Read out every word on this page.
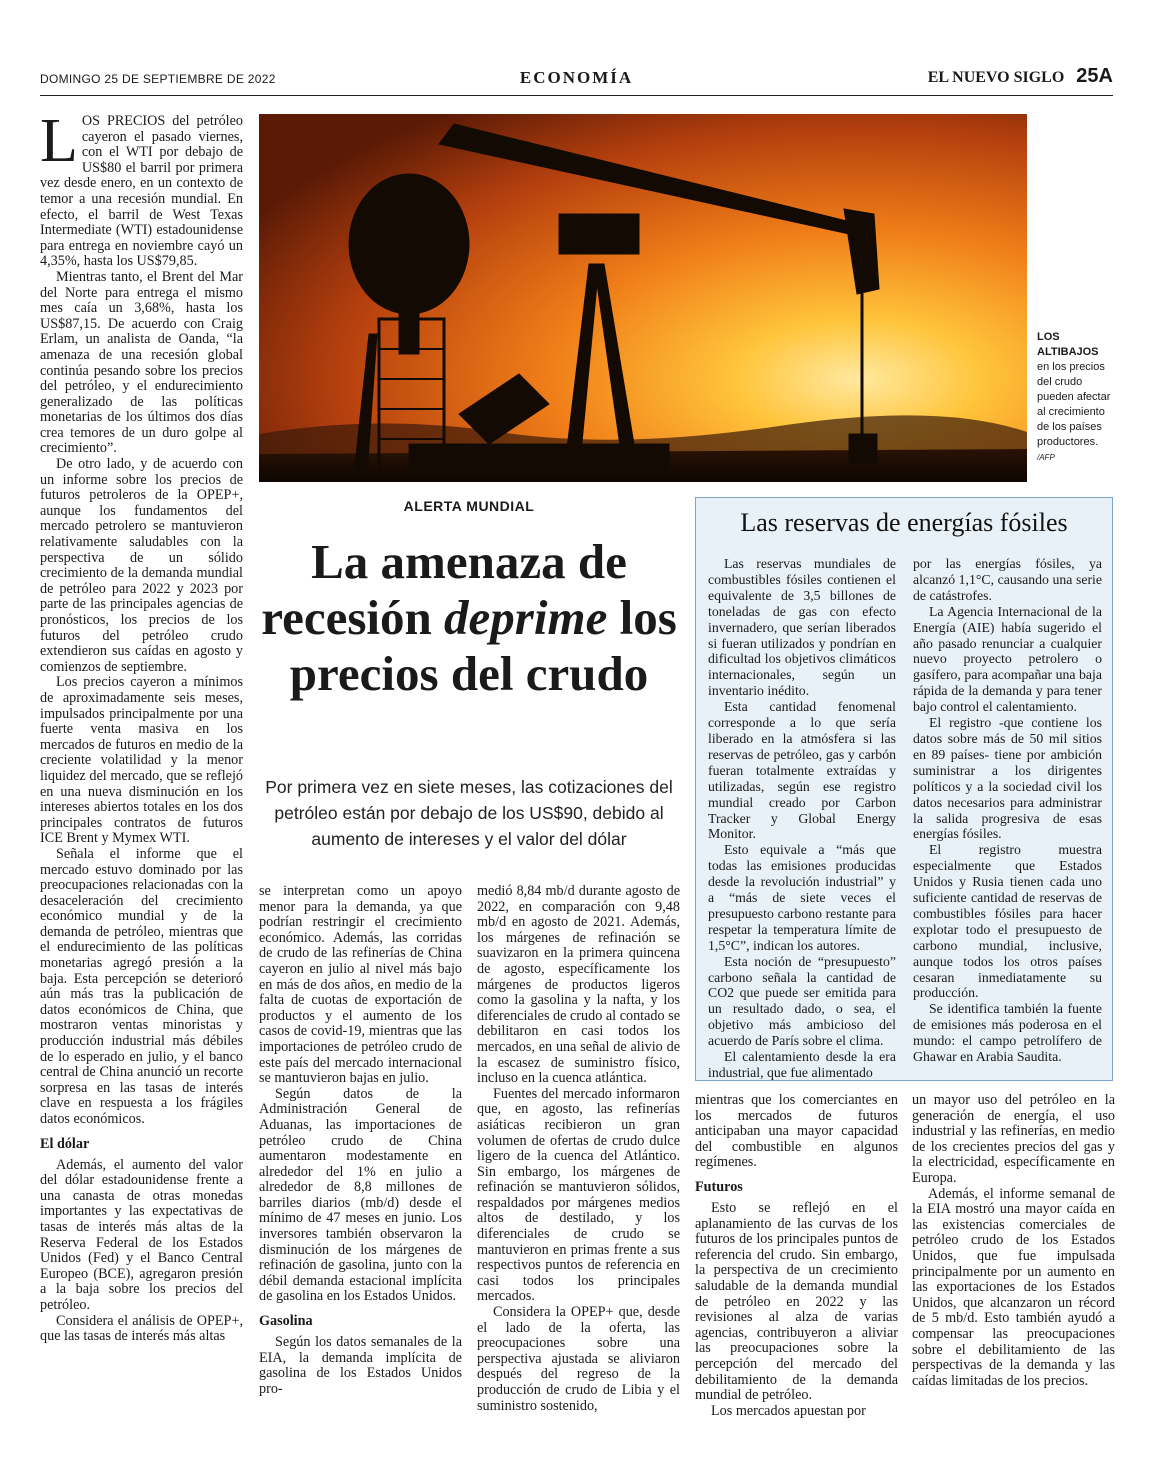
DOMINGO 25 DE SEPTIEMBRE DE 2022	ECONOMÍA	EL NUEVO SIGLO 25A

LOS PRECIOS del petróleo cayeron el pasado viernes, con el WTI por debajo de US$80 el barril por primera vez desde enero, en un contexto de temor a una recesión mundial. En efecto, el barril de West Texas Intermediate (WTI) estadounidense para entrega en noviembre cayó un 4,35%, hasta los US$79,85.

Mientras tanto, el Brent del Mar del Norte para entrega el mismo mes caía un 3,68%, hasta los US$87,15. De acuerdo con Craig Erlam, un analista de Oanda, “la amenaza de una recesión global continúa pesando sobre los precios del petróleo, y el endurecimiento generalizado de las políticas monetarias de los últimos dos días crea temores de un duro golpe al crecimiento”.

De otro lado, y de acuerdo con un informe sobre los precios de futuros petroleros de la OPEP+, aunque los fundamentos del mercado petrolero se mantuvieron relativamente saludables con la perspectiva de un sólido crecimiento de la demanda mundial de petróleo para 2022 y 2023 por parte de las principales agencias de pronósticos, los precios de los futuros del petróleo crudo extendieron sus caídas en agosto y comienzos de septiembre.

Los precios cayeron a mínimos de aproximadamente seis meses, impulsados principalmente por una fuerte venta masiva en los mercados de futuros en medio de la creciente volatilidad y la menor liquidez del mercado, que se reflejó en una nueva disminución en los intereses abiertos totales en los dos principales contratos de futuros ICE Brent y Mymex WTI.

Señala el informe que el mercado estuvo dominado por las preocupaciones relacionadas con la desaceleración del crecimiento económico mundial y de la demanda de petróleo, mientras que el endurecimiento de las políticas monetarias agregó presión a la baja. Esta percepción se deterioró aún más tras la publicación de datos económicos de China, que mostraron ventas minoristas y producción industrial más débiles de lo esperado en julio, y el banco central de China anunció un recorte sorpresa en las tasas de interés clave en respuesta a los frágiles datos económicos.

El dólar

Además, el aumento del valor del dólar estadounidense frente a una canasta de otras monedas importantes y las expectativas de tasas de interés más altas de la Reserva Federal de los Estados Unidos (Fed) y el Banco Central Europeo (BCE), agregaron presión a la baja sobre los precios del petróleo.

Considera el análisis de OPEP+, que las tasas de interés más altas

LOS ALTIBAJOS
en los precios del crudo pueden afectar al crecimiento de los países productores.
/AFP
ALERTA MUNDIAL
La amenaza de recesión deprime los precios del crudo
Por primera vez en siete meses, las cotizaciones del petróleo están por debajo de los US$90, debido al aumento de intereses y el valor del dólar
Las reservas de energías fósiles

Las reservas mundiales de combustibles fósiles contienen el equivalente de 3,5 billones de toneladas de gas con efecto invernadero, que serían liberados si fueran utilizados y pondrían en dificultad los objetivos climáticos internacionales, según un inventario inédito.

Esta cantidad fenomenal corresponde a lo que sería liberado en la atmósfera si las reservas de petróleo, gas y carbón fueran totalmente extraídas y utilizadas, según ese registro mundial creado por Carbon Tracker y Global Energy Monitor.

Esto equivale a “más que todas las emisiones producidas desde la revolución industrial” y a “más de siete veces el presupuesto carbono restante para respetar la temperatura límite de 1,5°C”, indican los autores.

Esta noción de “presupuesto” carbono señala la cantidad de CO2 que puede ser emitida para un resultado dado, o sea, el objetivo más ambicioso del acuerdo de París sobre el clima.

El calentamiento desde la era industrial, que fue alimentado

por las energías fósiles, ya alcanzó 1,1°C, causando una serie de catástrofes.

La Agencia Internacional de la Energía (AIE) había sugerido el año pasado renunciar a cualquier nuevo proyecto petrolero o gasífero, para acompañar una baja rápida de la demanda y para tener bajo control el calentamiento.

El registro -que contiene los datos sobre más de 50 mil sitios en 89 países- tiene por ambición suministrar a los dirigentes políticos y a la sociedad civil los datos necesarios para administrar la salida progresiva de esas energías fósiles.

El registro muestra especialmente que Estados Unidos y Rusia tienen cada uno suficiente cantidad de reservas de combustibles fósiles para hacer explotar todo el presupuesto de carbono mundial, inclusive, aunque todos los otros países cesaran inmediatamente su producción.

Se identifica también la fuente de emisiones más poderosa en el mundo: el campo petrolífero de Ghawar en Arabia Saudita.

se interpretan como un apoyo menor para la demanda, ya que podrían restringir el crecimiento económico. Además, las corridas de crudo de las refinerías de China cayeron en julio al nivel más bajo en más de dos años, en medio de la falta de cuotas de exportación de productos y el aumento de los casos de covid-19, mientras que las importaciones de petróleo crudo de este país del mercado internacional se mantuvieron bajas en julio.

Según datos de la Administración General de Aduanas, las importaciones de petróleo crudo de China aumentaron modestamente en alrededor del 1% en julio a alrededor de 8,8 millones de barriles diarios (mb/d) desde el mínimo de 47 meses en junio. Los inversores también observaron la disminución de los márgenes de refinación de gasolina, junto con la débil demanda estacional implícita de gasolina en los Estados Unidos.

Gasolina

Según los datos semanales de la EIA, la demanda implícita de gasolina de los Estados Unidos pro-

medió 8,84 mb/d durante agosto de 2022, en comparación con 9,48 mb/d en agosto de 2021. Además, los márgenes de refinación se suavizaron en la primera quincena de agosto, específicamente los márgenes de productos ligeros como la gasolina y la nafta, y los diferenciales de crudo al contado se debilitaron en casi todos los mercados, en una señal de alivio de la escasez de suministro físico, incluso en la cuenca atlántica.

Fuentes del mercado informaron que, en agosto, las refinerías asiáticas recibieron un gran volumen de ofertas de crudo dulce ligero de la cuenca del Atlántico. Sin embargo, los márgenes de refinación se mantuvieron sólidos, respaldados por márgenes medios altos de destilado, y los diferenciales de crudo se mantuvieron en primas frente a sus respectivos puntos de referencia en casi todos los principales mercados.

Considera la OPEP+ que, desde el lado de la oferta, las preocupaciones sobre una perspectiva ajustada se aliviaron después del regreso de la producción de crudo de Libia y el suministro sostenido,

mientras que los comerciantes en los mercados de futuros anticipaban una mayor capacidad del combustible en algunos regímenes.

Futuros

Esto se reflejó en el aplanamiento de las curvas de los futuros de los principales puntos de referencia del crudo. Sin embargo, la perspectiva de un crecimiento saludable de la demanda mundial de petróleo en 2022 y las revisiones al alza de varias agencias, contribuyeron a aliviar las preocupaciones sobre la percepción del mercado del debilitamiento de la demanda mundial de petróleo.

Los mercados apuestan por

un mayor uso del petróleo en la generación de energía, el uso industrial y las refinerías, en medio de los crecientes precios del gas y la electricidad, específicamente en Europa.

Además, el informe semanal de la EIA mostró una mayor caída en las existencias comerciales de petróleo crudo de los Estados Unidos, que fue impulsada principalmente por un aumento en las exportaciones de los Estados Unidos, que alcanzaron un récord de 5 mb/d. Esto también ayudó a compensar las preocupaciones sobre el debilitamiento de las perspectivas de la demanda y las caídas limitadas de los precios.
